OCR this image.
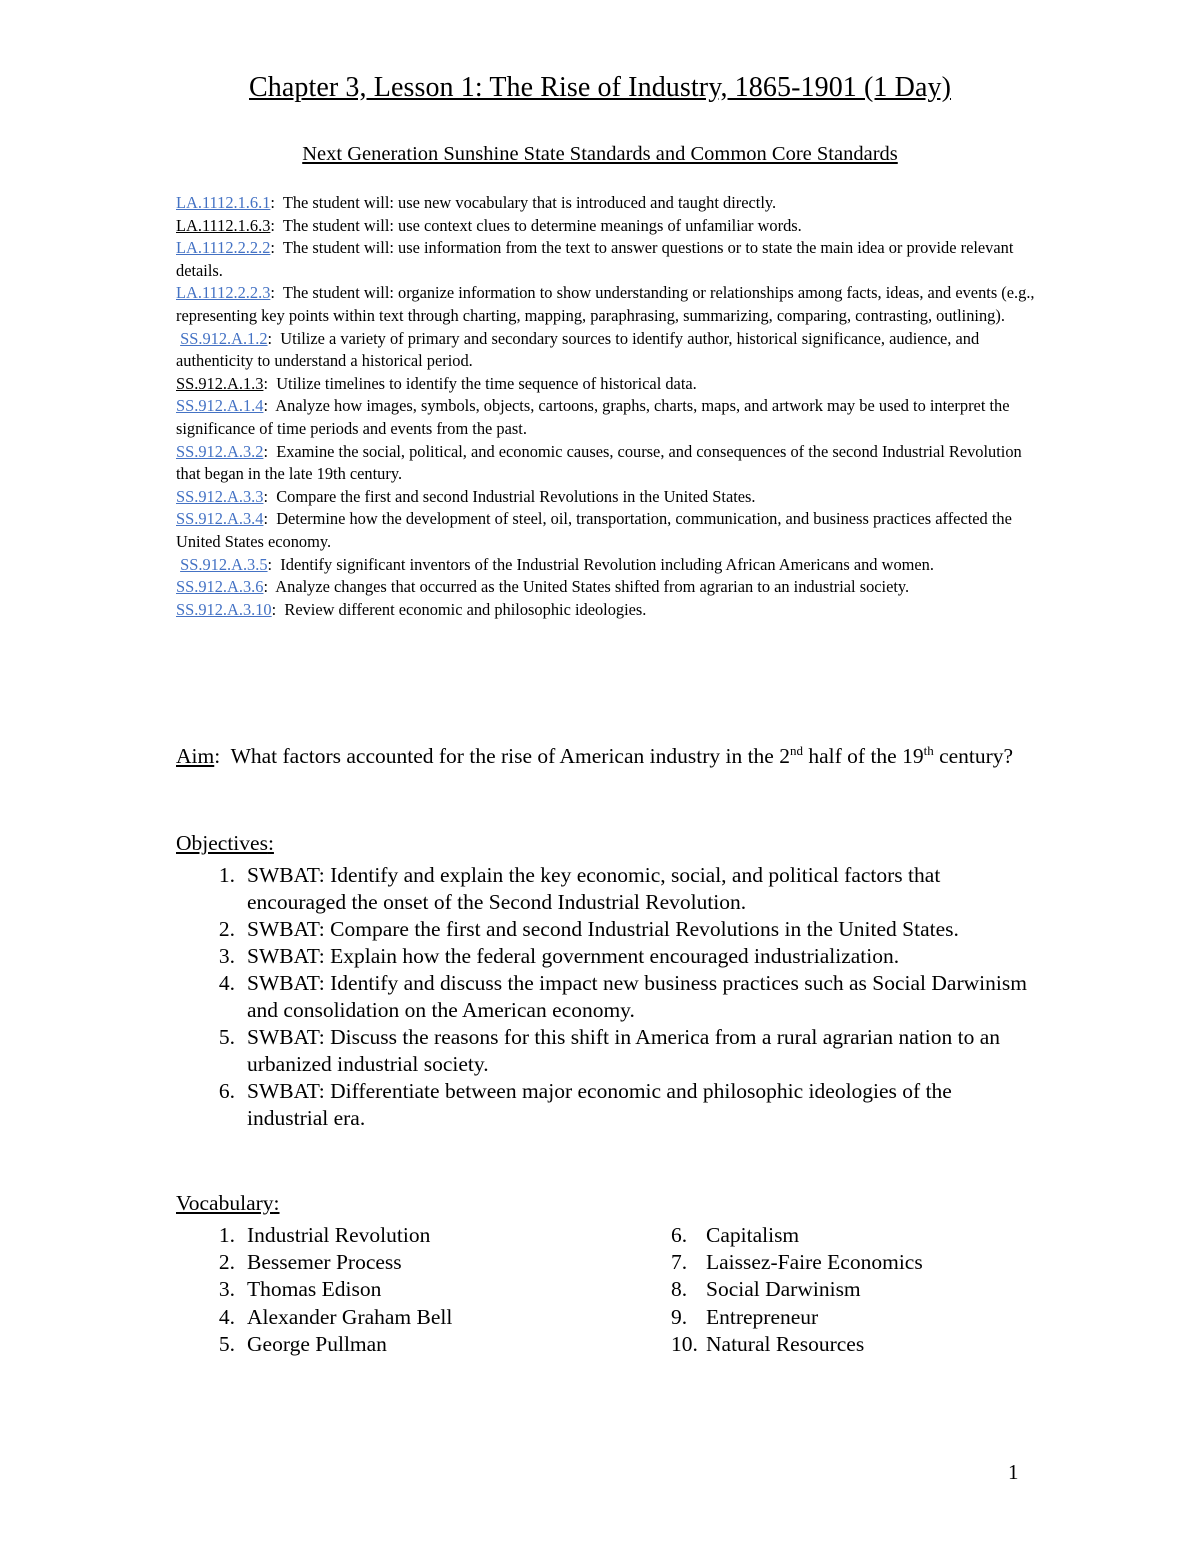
Chapter 3, Lesson 1: The Rise of Industry, 1865-1901 (1 Day)
Next Generation Sunshine State Standards and Common Core Standards

LA.1112.1.6.1:  The student will: use new vocabulary that is introduced and taught directly.

LA.1112.1.6.3:  The student will: use context clues to determine meanings of unfamiliar words.

LA.1112.2.2.2:  The student will: use information from the text to answer questions or to state the main idea or provide relevant details.

LA.1112.2.2.3:  The student will: organize information to show understanding or relationships among facts, ideas, and events (e.g., representing key points within text through charting, mapping, paraphrasing, summarizing, comparing, contrasting, outlining).

SS.912.A.1.2:  Utilize a variety of primary and secondary sources to identify author, historical significance, audience, and authenticity to understand a historical period.

SS.912.A.1.3:  Utilize timelines to identify the time sequence of historical data.

SS.912.A.1.4:  Analyze how images, symbols, objects, cartoons, graphs, charts, maps, and artwork may be used to interpret the significance of time periods and events from the past.

SS.912.A.3.2:  Examine the social, political, and economic causes, course, and consequences of the second Industrial Revolution that began in the late 19th century.

SS.912.A.3.3:  Compare the first and second Industrial Revolutions in the United States.

SS.912.A.3.4:  Determine how the development of steel, oil, transportation, communication, and business practices affected the United States economy.

SS.912.A.3.5:  Identify significant inventors of the Industrial Revolution including African Americans and women.

SS.912.A.3.6:  Analyze changes that occurred as the United States shifted from agrarian to an industrial society.

SS.912.A.3.10:  Review different economic and philosophic ideologies.

Aim:  What factors accounted for the rise of American industry in the 2nd half of the 19th century?
Objectives:
1. SWBAT: Identify and explain the key economic, social, and political factors that encouraged the onset of the Second Industrial Revolution.
2. SWBAT: Compare the first and second Industrial Revolutions in the United States.
3. SWBAT: Explain how the federal government encouraged industrialization.
4. SWBAT: Identify and discuss the impact new business practices such as Social Darwinism and consolidation on the American economy.
5. SWBAT: Discuss the reasons for this shift in America from a rural agrarian nation to an urbanized industrial society.
6. SWBAT: Differentiate between major economic and philosophic ideologies of the industrial era.
Vocabulary:
1. Industrial Revolution
2. Bessemer Process
3. Thomas Edison
4. Alexander Graham Bell
5. George Pullman
6. Capitalism
7. Laissez-Faire Economics
8. Social Darwinism
9. Entrepreneur
10. Natural Resources
1
